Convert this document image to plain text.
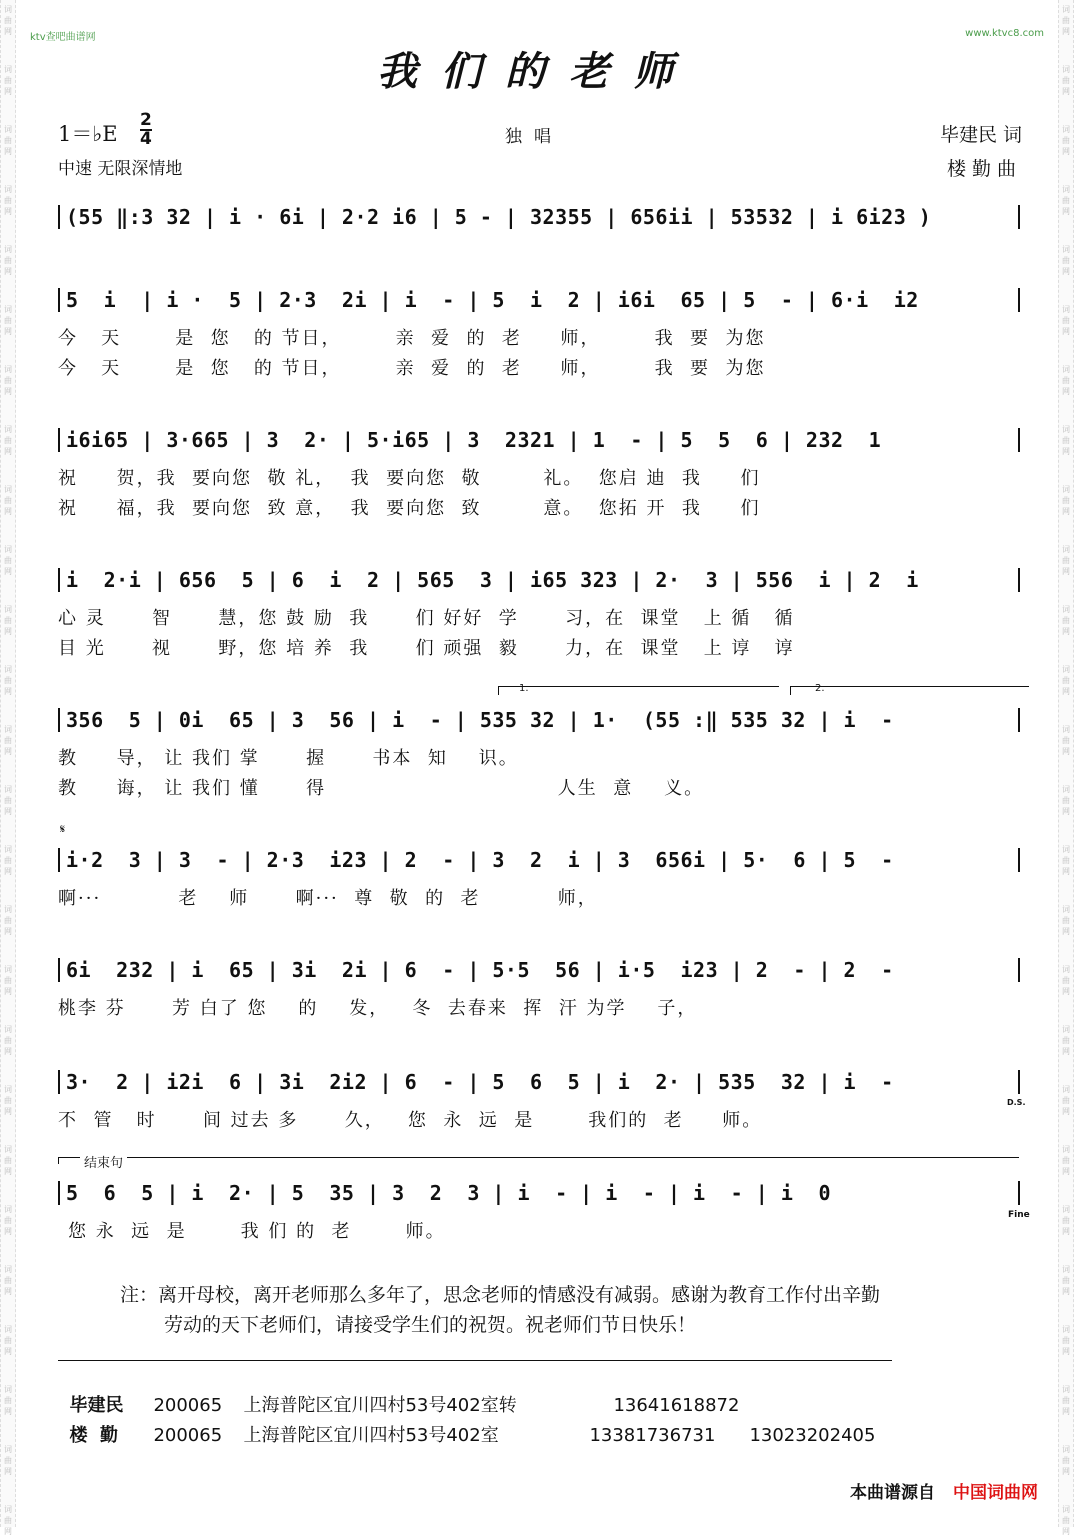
词
曲
网
词
曲
网
词
曲
网
词
曲
网
词
曲
网
词
曲
网
词
曲
网
词
曲
网
词
曲
网
词
曲
网
词
曲
网
词
曲
网
词
曲
网
词
曲
网
词
曲
网
词
曲
网
词
曲
网
词
曲
网
词
曲
网
词
曲
网
词
曲
网
词
曲
网
词
曲
网
词
曲
网
词
曲
网
词
曲
网
词
曲
网
词
曲
网
词
曲
网
词
曲
网
词
曲
网
词
曲
网
词
曲
网
词
曲
网
词
曲
网
词
曲
网
词
曲
网
词
曲
网
词
曲
网
词
曲
网
词
曲
网
词
曲
网
词
曲
网
词
曲
网
词
曲
网
词
曲
网
词
曲
网
词
曲
网
词
曲
网
词
曲
网
词
曲
网
词
曲
网
ktv查吧曲谱网	www.ktvc8.com
我们的老师
1＝♭E
2
4
中速 无限深情地
独唱	毕建民 词
楼勤曲
(55 ‖:3 32 | i · 6i | 2·2 i6 | 5 - | 32355 | 656ii | 53532 | i 6i23 )
5  i  | i ·  5 | 2·3  2i | i  - | 5  i  2 | i6i  65 | 5  - | 6·i  i2
今   天       是  您   的 节日，       亲  爱  的  老     师，       我  要  为您
今   天       是  您   的 节日，       亲  爱  的  老     师，       我  要  为您
i6i65 | 3·665 | 3  2· | 5·i65 | 3  2321 | 1  - | 5  5  6 | 232  1
祝     贺，我  要向您  敬 礼，  我  要向您  敬        礼。  您启 迪  我     们
祝     福，我  要向您  致 意，  我  要向您  致        意。  您拓 开  我     们
i  2·i | 656  5 | 6  i  2 | 565  3 | i65 323 | 2·  3 | 556  i | 2  i
心 灵      智      慧，您 鼓 励  我      们 好好  学      习，在  课堂   上 循   循
目 光      视      野，您 培 养  我      们 顽强  毅      力，在  课堂   上 谆   谆
1.	2.
356  5 | 0i  65 | 3  56 | i  - | 535 32 | 1·  (55 :‖ 535 32 | i  -
教     导， 让 我们 掌      握      书本  知    识。
教     诲， 让 我们 懂      得                              人生  意    义。
𝄋
i·2  3 | 3  - | 2·3  i23 | 2  - | 3  2  i | 3  656i | 5·  6 | 5  -
啊···          老    师      啊···  尊  敬  的  老          师，
6i  232 | i  65 | 3i  2i | 6  - | 5·5  56 | i·5  i23 | 2  - | 2  -
桃李 芬      芳 白了 您    的    发，   冬  去春来  挥  汗 为学    子，
3·  2 | i2i  6 | 3i  2i2 | 6  - | 5  6  5 | i  2· | 535  32 | i  -
不  管   时      间 过去 多      久，   您  永  远  是       我们的  老     师。
D.S.
结束句
5  6  5 | i  2· | 5  35 | 3  2  3 | i  - | i  - | i  - | i  0
您 永  远  是       我 们 的  老       师。
Fine
注：离开母校，离开老师那么多年了，思念老师的情感没有减弱。感谢为教育工作付出辛勤
劳动的天下老师们，请接受学生们的祝贺。祝老师们节日快乐！

毕建民 200065 上海普陀区宜川四村53号402室转	13641618872

楼  勤 200065 上海普陀区宜川四村53号402室	13381736731 13023202405

本曲谱源自 中国词曲网
